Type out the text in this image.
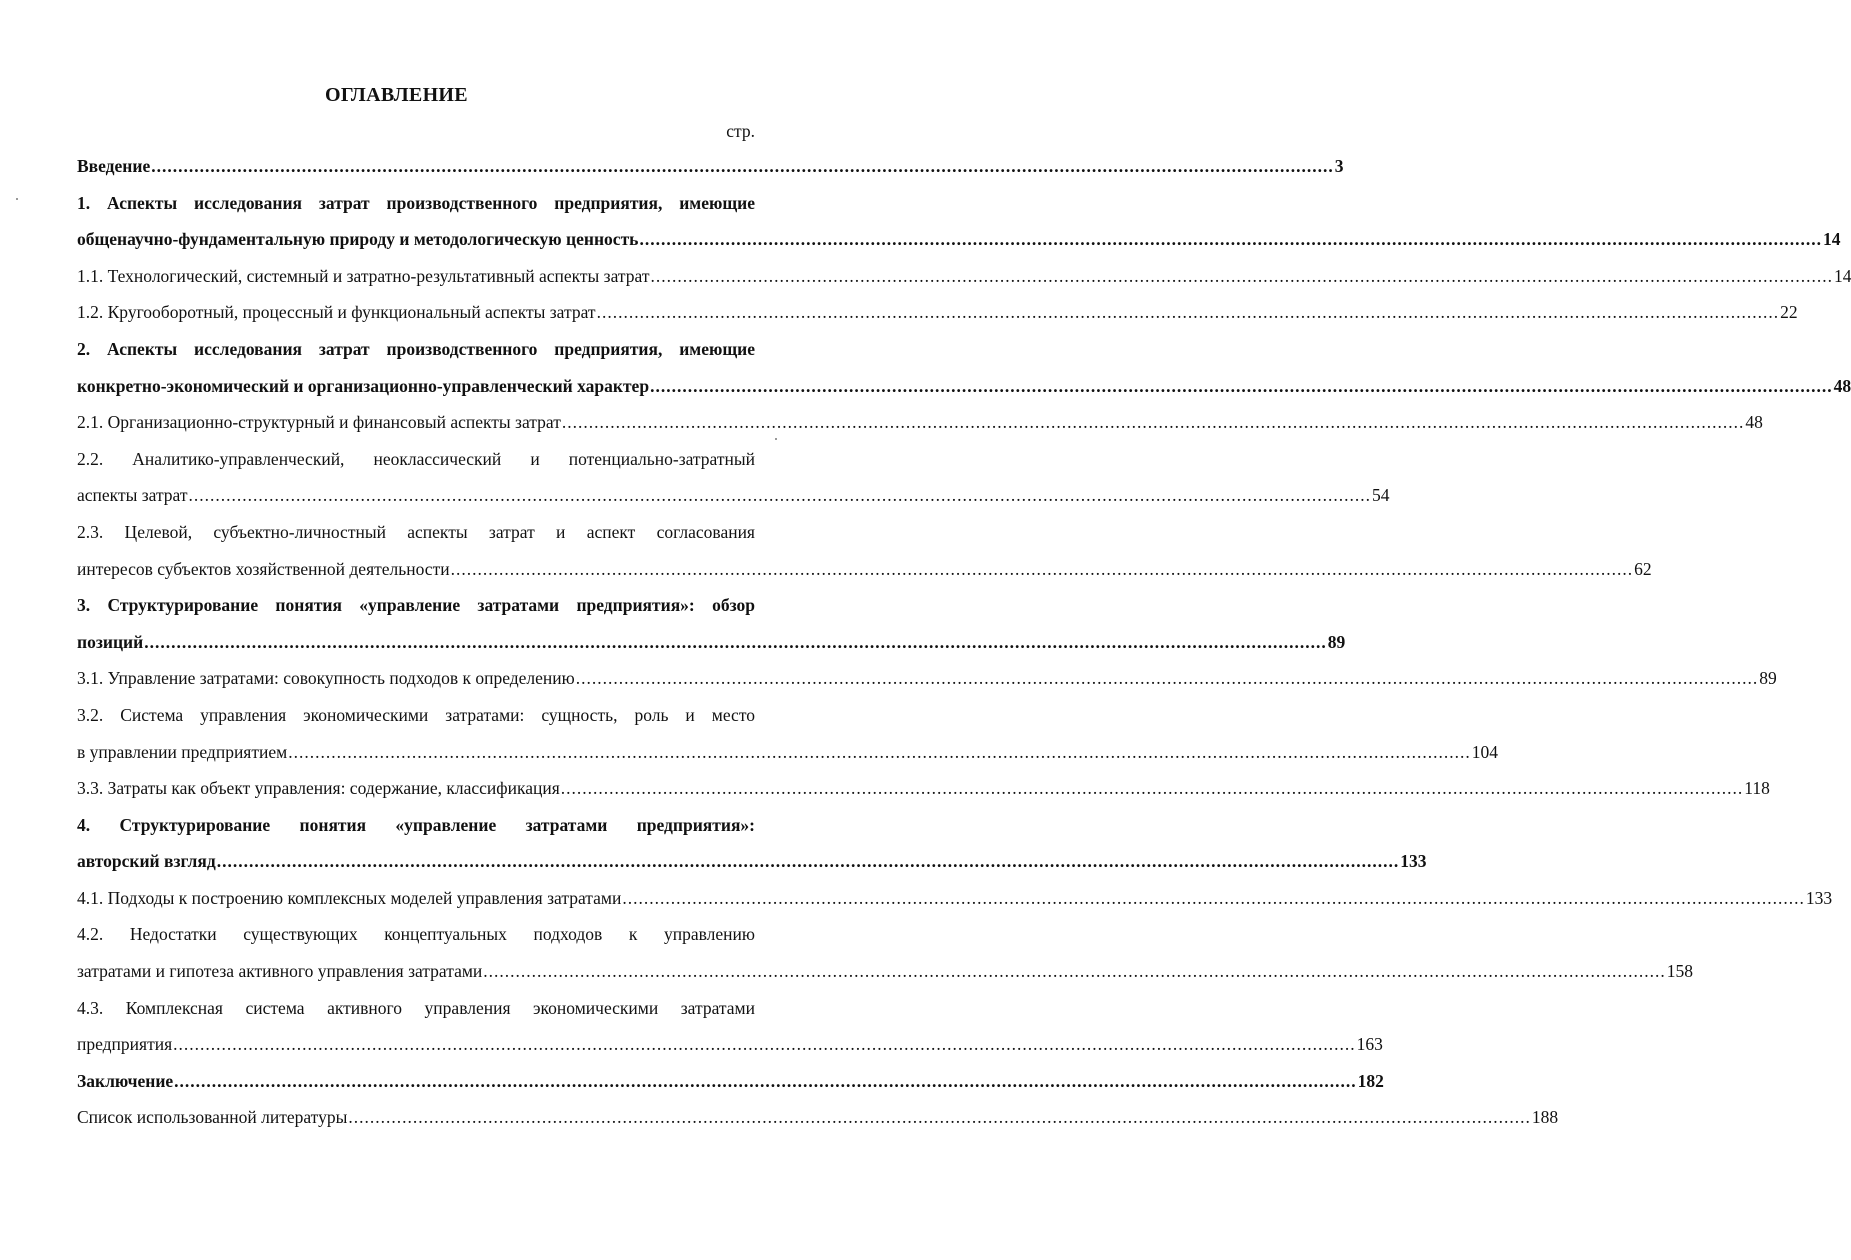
ОГЛАВЛЕНИЕ
стр.
Введение ............................................................................................................................................................................................................................ 3
1. Аспекты исследования затрат производственного предприятия, имеющие
общенаучно-фундаментальную природу и методологическую ценность ............................................................................................................................................................................................................................ 14
1.1. Технологический, системный и затратно-результативный аспекты затрат ............................................................................................................................................................................................................................ 14
1.2. Кругооборотный, процессный и функциональный аспекты затрат ............................................................................................................................................................................................................................ 22
2. Аспекты исследования затрат производственного предприятия, имеющие
конкретно-экономический и организационно-управленческий характер ............................................................................................................................................................................................................................ 48
2.1. Организационно-структурный и финансовый аспекты затрат ............................................................................................................................................................................................................................ 48
2.2. Аналитико-управленческий, неоклассический и потенциально-затратный
аспекты затрат ............................................................................................................................................................................................................................ 54
2.3. Целевой, субъектно-личностный аспекты затрат и аспект согласования
интересов субъектов хозяйственной деятельности ............................................................................................................................................................................................................................ 62
3. Структурирование понятия «управление затратами предприятия»: обзор
позиций ............................................................................................................................................................................................................................ 89
3.1. Управление затратами: совокупность подходов к определению ............................................................................................................................................................................................................................ 89
3.2. Система управления экономическими затратами: сущность, роль и место
в управлении предприятием ............................................................................................................................................................................................................................ 104
3.3. Затраты как объект управления: содержание, классификация ............................................................................................................................................................................................................................ 118
4. Структурирование понятия «управление затратами предприятия»:
авторский взгляд ............................................................................................................................................................................................................................ 133
4.1. Подходы к построению комплексных моделей управления затратами ............................................................................................................................................................................................................................ 133
4.2. Недостатки существующих концептуальных подходов к управлению
затратами и гипотеза активного управления затратами ............................................................................................................................................................................................................................ 158
4.3. Комплексная система активного управления экономическими затратами
предприятия ............................................................................................................................................................................................................................ 163
Заключение ............................................................................................................................................................................................................................ 182
Список использованной литературы ............................................................................................................................................................................................................................ 188
